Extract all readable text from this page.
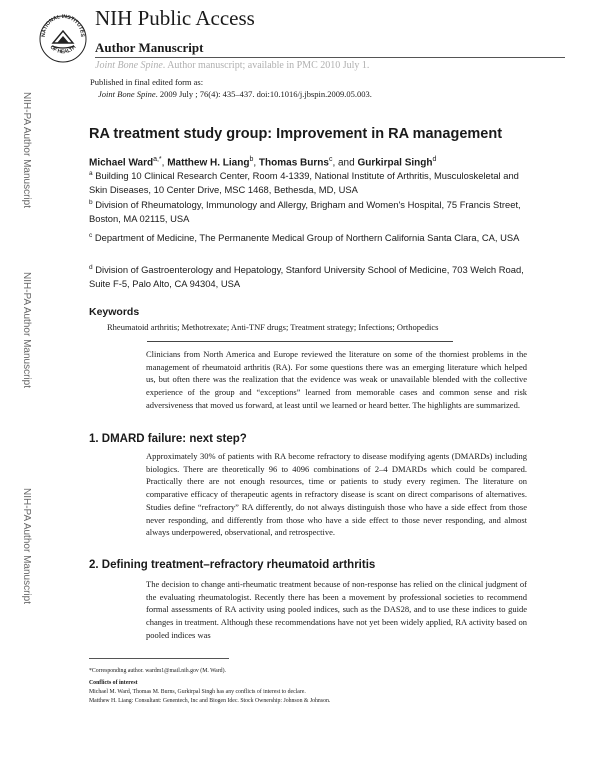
NATIONAL INSTITUTES
OF HEALTH
NIH Public Access
Author Manuscript
Joint Bone Spine. Author manuscript; available in PMC 2010 July 1.
Published in final edited form as:
Joint Bone Spine. 2009 July ; 76(4): 435–437. doi:10.1016/j.jbspin.2009.05.003.
NIH-PA Author Manuscript
NIH-PA Author Manuscript
NIH-PA Author Manuscript
RA treatment study group: Improvement in RA management
Michael Ward$^{a,*}$, Matthew H. Liang$^b$, Thomas Burns$^c$, and Gurkirpal Singh$^d$
$^a$ Building 10 Clinical Research Center, Room 4-1339, National Institute of Arthritis, Musculoskeletal and Skin Diseases, 10 Center Drive, MSC 1468, Bethesda, MD, USA
$^b$ Division of Rheumatology, Immunology and Allergy, Brigham and Women's Hospital, 75 Francis Street, Boston, MA 02115, USA
$^c$ Department of Medicine, The Permanente Medical Group of Northern California Santa Clara, CA, USA
$^d$ Division of Gastroenterology and Hepatology, Stanford University School of Medicine, 703 Welch Road, Suite F-5, Palo Alto, CA 94304, USA
Keywords
Rheumatoid arthritis; Methotrexate; Anti-TNF drugs; Treatment strategy; Infections; Orthopedics
Clinicians from North America and Europe reviewed the literature on some of the thorniest problems in the management of rheumatoid arthritis (RA). For some questions there was an emerging literature which helped us, but often there was the realization that the evidence was weak or unavailable blended with the collective experience of the group and “exceptions” learned from memorable cases and common sense and risk adversiveness that moved us forward, at least until we learned or heard better. The highlights are summarized.
1. DMARD failure: next step?
Approximately 30% of patients with RA become refractory to disease modifying agents (DMARDs) including biologics. There are theoretically 96 to 4096 combinations of 2–4 DMARDs which could be compared. Practically there are not enough resources, time or patients to study every regimen. The literature on comparative efficacy of therapeutic agents in refractory disease is scant on direct comparisons of alternatives. Studies define “refractory” RA differently, do not always distinguish those who have a side effect from those never responding, and differently from those who have a side effect to those never responding, and almost always underpowered, observational, and retrospective.
2. Defining treatment–refractory rheumatoid arthritis
The decision to change anti-rheumatic treatment because of non-response has relied on the clinical judgment of the evaluating rheumatologist. Recently there has been a movement by professional societies to recommend formal assessments of RA activity using pooled indices, such as the DAS28, and to use these indices to guide changes in treatment. Although these recommendations have not yet been widely applied, RA activity based on pooled indices was
*Corresponding author. wardm1@mail.nih.gov (M. Ward).
Conflicts of interest
Michael M. Ward, Thomas M. Burns, Gurkirpal Singh has any conflicts of interest to declare.
Matthew H. Liang: Consultant: Genentech, Inc and Biogen Idec. Stock Ownership: Johnson & Johnson.
